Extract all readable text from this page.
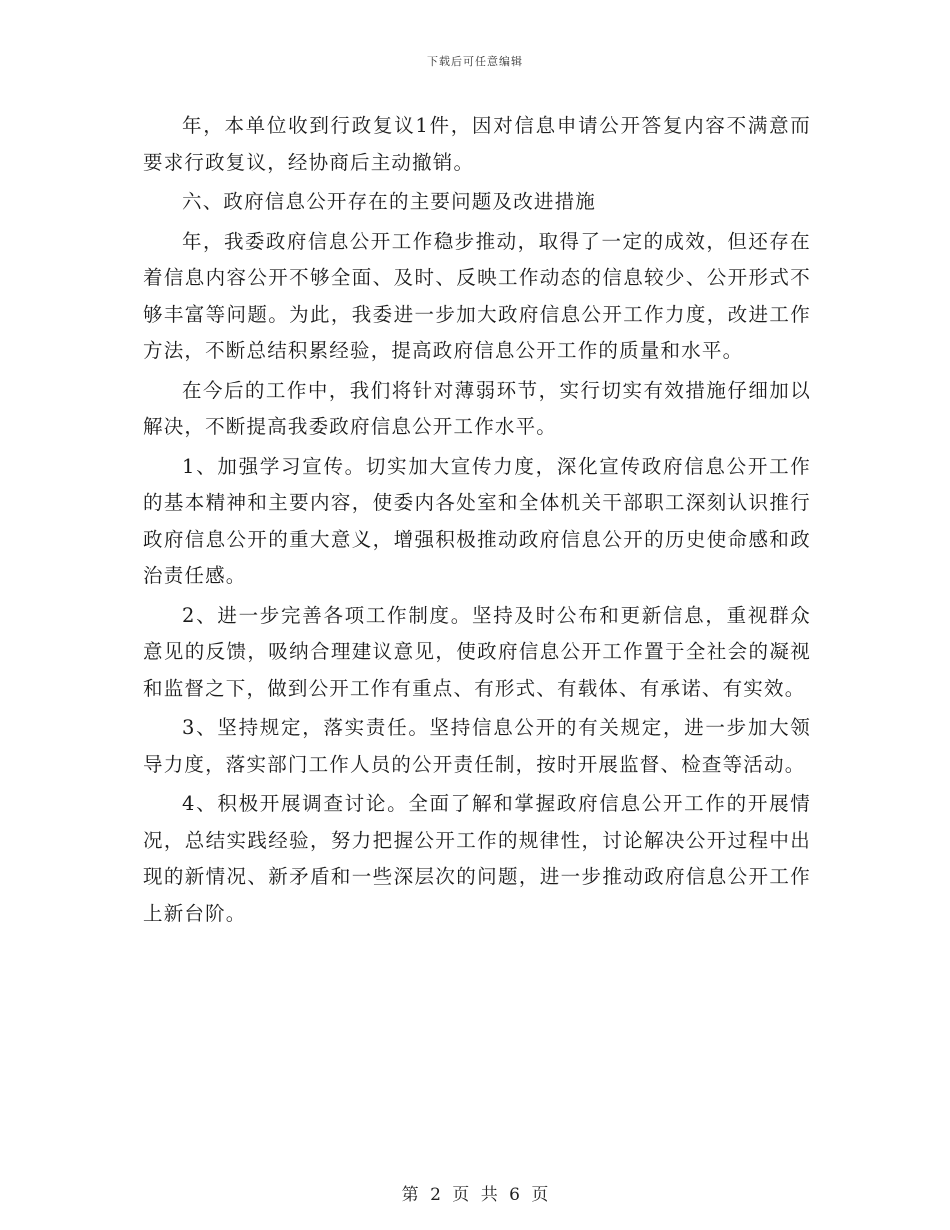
下载后可任意编辑

年，本单位收到行政复议1件，因对信息申请公开答复内容不满意而要求行政复议，经协商后主动撤销。

六、政府信息公开存在的主要问题及改进措施

年，我委政府信息公开工作稳步推动，取得了一定的成效，但还存在着信息内容公开不够全面、及时、反映工作动态的信息较少、公开形式不够丰富等问题。为此，我委进一步加大政府信息公开工作力度，改进工作方法，不断总结积累经验，提高政府信息公开工作的质量和水平。

在今后的工作中，我们将针对薄弱环节，实行切实有效措施仔细加以解决，不断提高我委政府信息公开工作水平。

1、加强学习宣传。切实加大宣传力度，深化宣传政府信息公开工作的基本精神和主要内容，使委内各处室和全体机关干部职工深刻认识推行政府信息公开的重大意义，增强积极推动政府信息公开的历史使命感和政治责任感。

2、进一步完善各项工作制度。坚持及时公布和更新信息，重视群众意见的反馈，吸纳合理建议意见，使政府信息公开工作置于全社会的凝视和监督之下，做到公开工作有重点、有形式、有载体、有承诺、有实效。

3、坚持规定，落实责任。坚持信息公开的有关规定，进一步加大领导力度，落实部门工作人员的公开责任制，按时开展监督、检查等活动。

4、积极开展调查讨论。全面了解和掌握政府信息公开工作的开展情况，总结实践经验，努力把握公开工作的规律性，讨论解决公开过程中出现的新情况、新矛盾和一些深层次的问题，进一步推动政府信息公开工作上新台阶。

第 2 页 共 6 页
